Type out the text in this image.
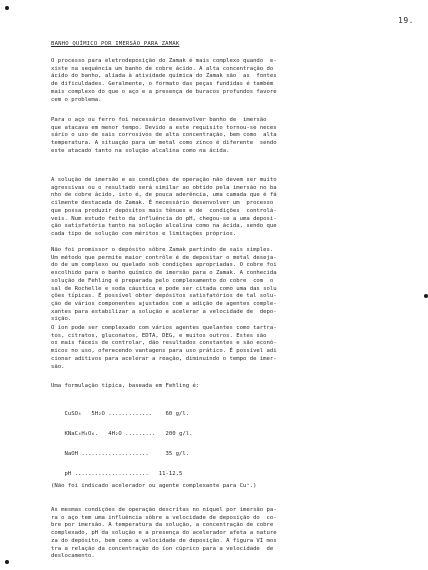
19.
BANHO QUÍMICO POR IMERSÃO PARA ZAMAK
O processo para eletrodeposição do Zamak é mais complexo quando  e-
xiste na sequência um banho de cobre ácido. A alta concentração do
ácido do banho, aliada à atividade química do Zamak são  as  fontes
de dificuldades. Geralmente, o formato das peças fundidas é também
mais complexo do que o aço e a presença de buracos profundos favore
cem o problema.
Para o aço ou ferro foi necessário desenvolver banho de  imersão
que atacava em menor tempo. Devido a este requisito tornou-se neces
sário o uso de sais corrosivos de alta concentração, bem como  alta
temperatura. A situação para um metal como zinco é diferente  sendo
este atacado tanto na solução alcalina como na ácida.
A solução de imersão e as condições de operação não devem ser muito
agressivas ou o resultado será similar ao obtido pela imersão no ba
nho de cobre ácido, isto é, de pouca aderência, uma camada que é fá
cilmente destacada do Zamak. É necessário desenvolver um  processo
que possa produzir depósitos mais tênues e de  condições  controlá-
veis. Num estudo feito da influência do pH, chegou-se a uma deposi-
ção satisfatória tanto na solução alcalina como na ácida, sendo que
cada tipo de solução com méritos e limitações próprios.
Não foi promissor o depósito sôbre Zamak partindo de sais simples.
Um método que permite maior contrôle é de depositar o metal deseja-
do de um complexo ou quelado sob condições apropriadas. O cobre foi
escolhido para o banho químico de imersão para o Zamak. A conhecida
solução de Fehling é preparada pelo complexamento do cobre  com  o
sal de Rochelle e soda cáustica e pode ser citada como uma das solu
ções típicas. É possível obter depósitos satisfatórios de tal solu-
ção de vários componentes ajustados com a adição de agentes comple-
xantes para estabilizar a solução e acelerar a velocidade de  depo-
sição.
O íon pode ser complexado com vários agentes quelantes como tartra-
tos, citratos, gluconatos, EDTA, DEG, e muitos outros. Estes são
os mais fáceis de controlar, dão resultados constantes e são econô-
micos no uso, oferecendo vantagens para uso prático. É possível adi
cionar aditivos para acelerar a reação, diminuindo o tempo de imer-
são.
Uma formulação típica, baseada em Fehling é:

CuSO₄   5H₂O .............    60 g/l.

KNaC₄H₄O₆.   4H₂O .........   200 g/l.

NaOH ....................     35 g/l.

pH ......................   11-12,5

(Não foi indicado acelerador ou agente complexante para Cu⁺.)
As mesmas condições de operação descritas no níquel por imersão pa-
ra o aço tem uma influência sôbre a velocidade de deposição do  co-
bre por imersão. A temperatura da solução, a concentração de cobre
complexado, pH da solução e a presença do acelerador afeta a nature
za do depósito, bem como a velocidade de deposição. A figura VI mos
tra a relação da concentração do íon cúprico para a velocidade  de
deslocamento.
